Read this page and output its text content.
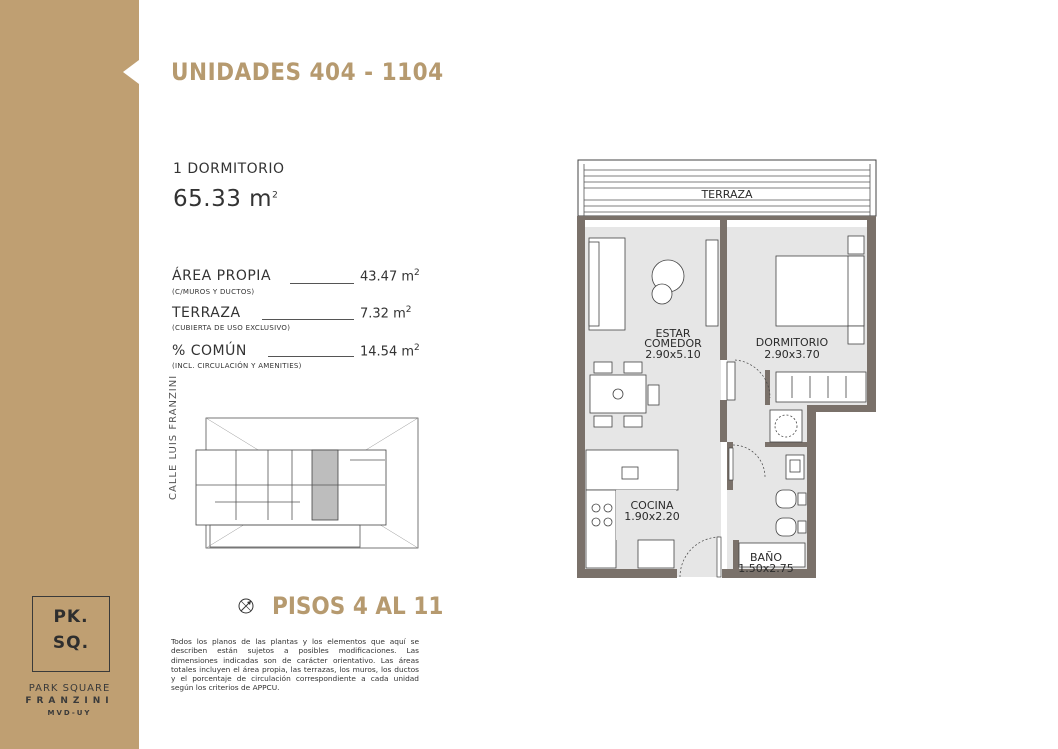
PK.
SQ.
PARK SQUARE
FRANZINI
MVD-UY
UNIDADES 404 - 1104
1 DORMITORIO
65.33 $m^2$
ÁREA PROPIA	43.47 $m^2$
(C/MUROS Y DUCTOS)
TERRAZA	7.32 $m^2$
(CUBIERTA DE USO EXCLUSIVO)
% COMÚN	14.54 $m^2$
(INCL. CIRCULACIÓN Y AMENITIES)
CALLE LUIS FRANZINI
TERRAZA
ESTAR
COMEDOR
2.90x5.10
DORMITORIO
2.90x3.70
COCINA
1.90x2.20
BAÑO
1.50x2.75
PISOS 4 AL 11
Todos los planos de las plantas y los elementos que aquí se describen están sujetos a posibles modificaciones. Las dimensiones indicadas son de carácter orientativo. Las áreas totales incluyen el área propia, las terrazas, los muros, los ductos y el porcentaje de circulación correspondiente a cada unidad según los criterios de APPCU.
